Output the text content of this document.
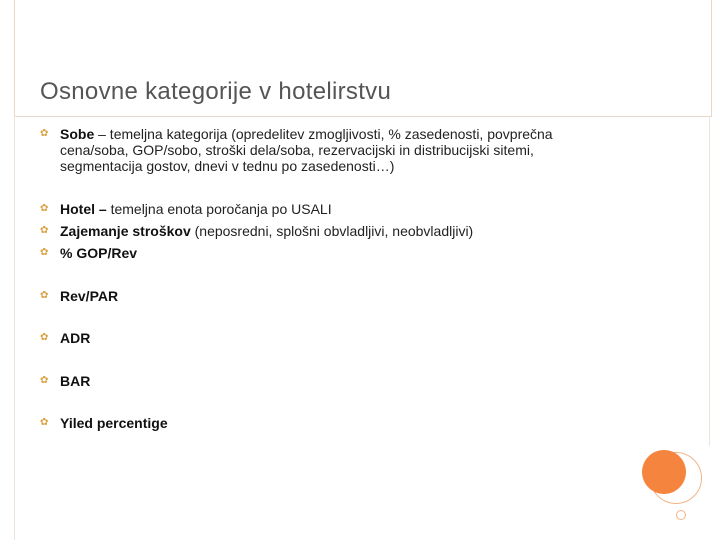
Osnovne kategorije v hotelirstvu
✿ Sobe – temeljna kategorija (opredelitev zmogljivosti, % zasedenosti, povprečna
cena/soba, GOP/sobo, stroški dela/soba, rezervacijski in distribucijski sitemi,
segmentacija gostov, dnevi v tednu po zasedenosti…)
✿ Hotel – temeljna enota poročanja po USALI
✿ Zajemanje stroškov (neposredni, splošni obvladljivi, neobvladljivi)
✿ % GOP/Rev
✿ Rev/PAR
✿ ADR
✿ BAR
✿ Yiled percentige
